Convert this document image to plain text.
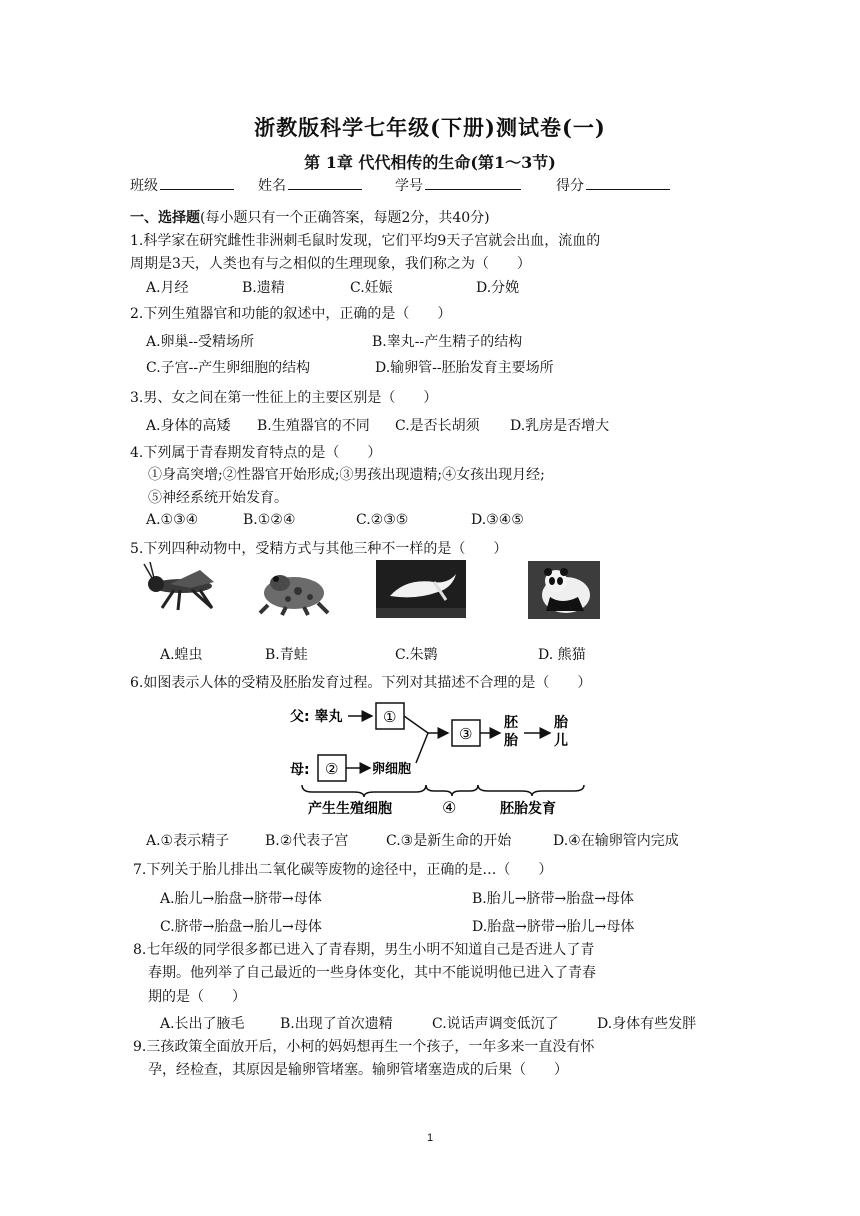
浙教版科学七年级(下册)测试卷(一)
第 1章 代代相传的生命(第1～3节)
班级	姓名	学号	得分
一、选择题(每小题只有一个正确答案，每题2分，共40分)
1.科学家在研究雌性非洲刺毛鼠时发现，它们平均9天子宫就会出血，流血的
周期是3天，人类也有与之相似的生理现象，我们称之为（　　）
A.月经	B.遗精	C.妊娠	D.分娩
2.下列生殖器官和功能的叙述中，正确的是（　　）
A.卵巢--受精场所	B.睾丸--产生精子的结构
C.子宫--产生卵细胞的结构	D.输卵管--胚胎发育主要场所
3.男、女之间在第一性征上的主要区别是（　　）
A.身体的高矮 B.生殖器官的不同 C.是否长胡须 D.乳房是否增大
4.下列属于青春期发育特点的是（　　）
①身高突增;②性器官开始形成;③男孩出现遗精;④女孩出现月经;
⑤神经系统开始发育。
A.①③④	B.①②④	C.②③⑤	D.③④⑤
5.下列四种动物中，受精方式与其他三种不一样的是（　　）
A.蝗虫	B.青蛙	C.朱鹮	D. 熊猫
6.如图表示人体的受精及胚胎发育过程。下列对其描述不合理的是（　　）
父: 睾丸	①
母: ②	卵细胞
③
胚
胎
胎
儿
产生生殖细胞	④	胚胎发育
A.①表示精子	B.②代表子宫	C.③是新生命的开始	D.④在输卵管内完成
7.下列关于胎儿排出二氧化碳等废物的途径中，正确的是…（　　）
A.胎儿→胎盘→脐带→母体	B.胎儿→脐带→胎盘→母体
C.脐带→胎盘→胎儿→母体	D.胎盘→脐带→胎儿→母体
8.七年级的同学很多都已进入了青春期，男生小明不知道自己是否进人了青
春期。他列举了自己最近的一些身体变化，其中不能说明他已进入了青春
期的是（　　）
A.长出了腋毛	B.出现了首次遗精	C.说话声调变低沉了	D.身体有些发胖
9.三孩政策全面放开后，小柯的妈妈想再生一个孩子，一年多来一直没有怀
孕，经检查，其原因是输卵管堵塞。输卵管堵塞造成的后果（　　）
1
